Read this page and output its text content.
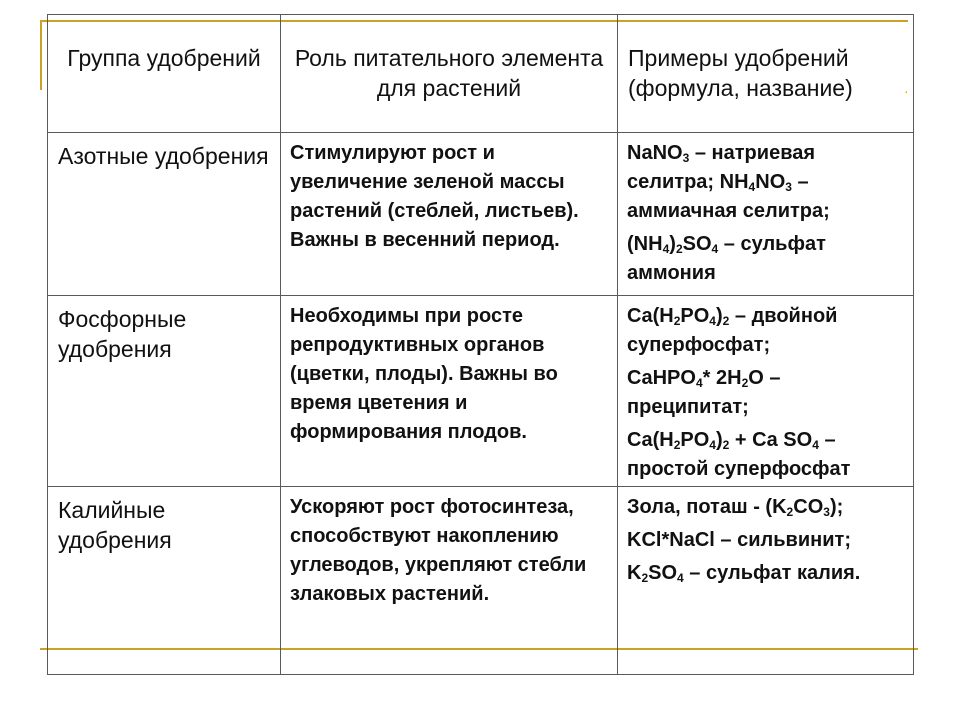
·
Группа удобрений	Роль питательного элемента для растений	Примеры удобрений (формула, название)
Азотные удобрения	Стимулируют рост и увеличение зеленой массы растений (стеблей, листьев). Важны в весенний период.	NaNO$_3$ – натриевая селитра; $NH_4NO_3$ – аммиачная селитра;
$(NH_4)_2SO_4$ – сульфат аммония

Фосфорные удобрения	Необходимы при росте репродуктивных органов (цветки, плоды). Важны во время цветения и формирования плодов.	$Ca(H_2PO_4)_2$ – двойной суперфосфат;
CaHPO$_4$* $2H_2O$ – преципитат;
$Ca(H_2PO_4)_2 + Ca$ $SO_4$ – простой суперфосфат

Калийные удобрения	Ускоряют рост фотосинтеза, способствуют накоплению углеводов, укрепляют стебли злаковых растений.	Зола, поташ - $(K_2CO_3)$;
KCl*NaCl – сильвинит;
$K_2SO_4$ – сульфат калия.
